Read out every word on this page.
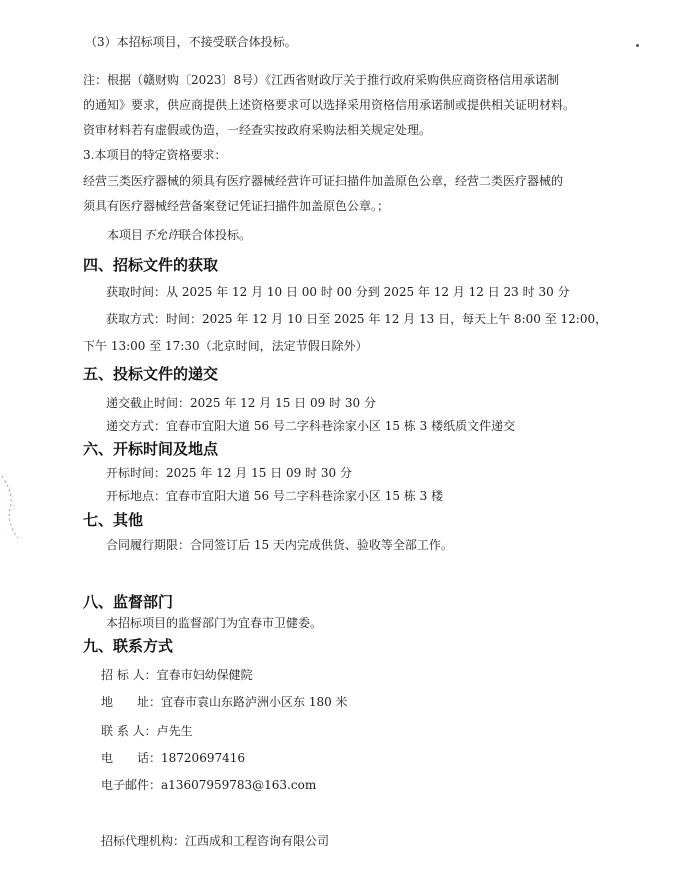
（3）本招标项目，不接受联合体投标。
注：根据（赣财购〔2023〕8号）《江西省财政厅关于推行政府采购供应商资格信用承诺制
的通知》要求，供应商提供上述资格要求可以选择采用资格信用承诺制或提供相关证明材料。
资审材料若有虚假或伪造，一经查实按政府采购法相关规定处理。
3.本项目的特定资格要求：
经营三类医疗器械的须具有医疗器械经营许可证扫描件加盖原色公章，经营二类医疗器械的
须具有医疗器械经营备案登记凭证扫描件加盖原色公章。；
本项目不允许联合体投标。
四、招标文件的获取
获取时间：从 2025 年 12 月 10 日 00 时 00 分到 2025 年 12 月 12 日 23 时 30 分
获取方式：时间：2025 年 12 月 10 日至 2025 年 12 月 13 日，每天上午 8:00 至 12:00，
下午 13:00 至 17:30（北京时间，法定节假日除外）
五、投标文件的递交
递交截止时间：2025 年 12 月 15 日 09 时 30 分
递交方式：宜春市宜阳大道 56 号二字科巷涂家小区 15 栋 3 楼纸质文件递交
六、开标时间及地点
开标时间：2025 年 12 月 15 日 09 时 30 分
开标地点：宜春市宜阳大道 56 号二字科巷涂家小区 15 栋 3 楼
七、其他
合同履行期限：合同签订后 15 天内完成供货、验收等全部工作。
八、监督部门
本招标项目的监督部门为宜春市卫健委。
九、联系方式
招 标 人：宜春市妇幼保健院
地　　址：宜春市袁山东路泸洲小区东 180 米
联 系 人：卢先生
电　　话：18720697416
电子邮件：a13607959783@163.com
招标代理机构：江西成和工程咨询有限公司
